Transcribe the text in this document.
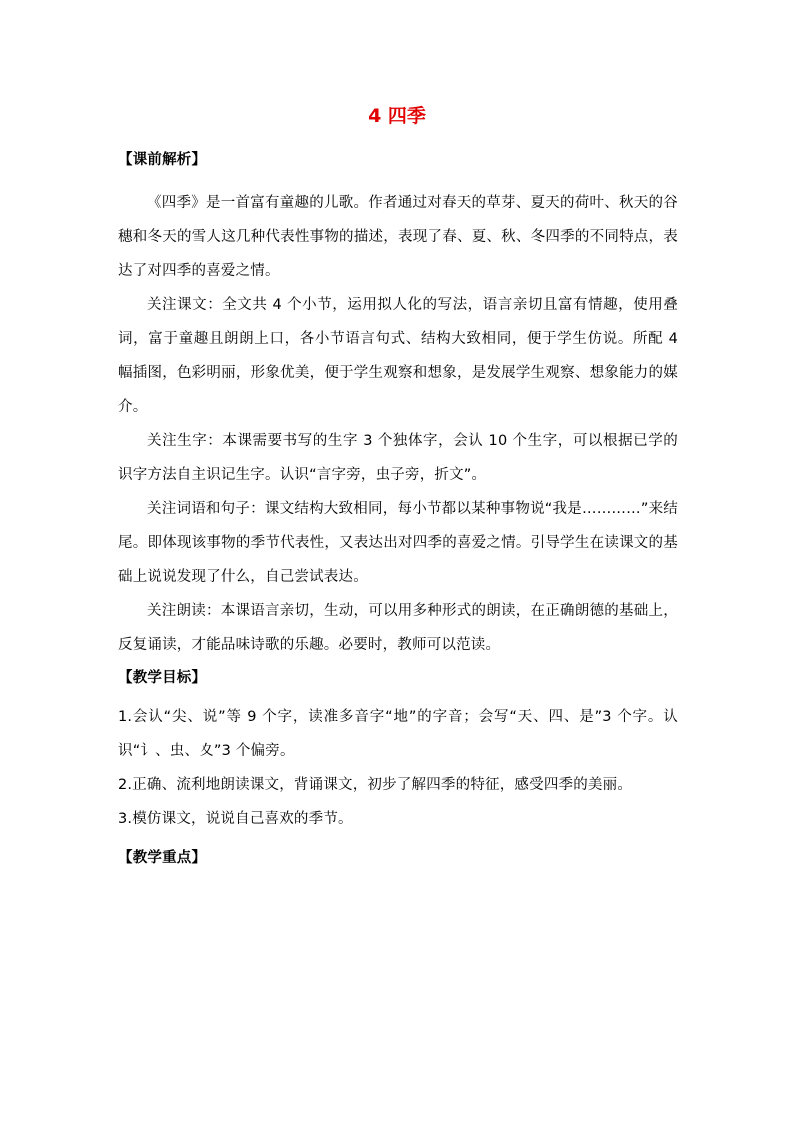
4 四季
【课前解析】
《四季》是一首富有童趣的儿歌。作者通过对春天的草芽、夏天的荷叶、秋天的谷穗和冬天的雪人这几种代表性事物的描述，表现了春、夏、秋、冬四季的不同特点，表达了对四季的喜爱之情。
关注课文：全文共 4 个小节，运用拟人化的写法，语言亲切且富有情趣，使用叠词，富于童趣且朗朗上口，各小节语言句式、结构大致相同，便于学生仿说。所配 4 幅插图，色彩明丽，形象优美，便于学生观察和想象，是发展学生观察、想象能力的媒介。
关注生字：本课需要书写的生字 3 个独体字，会认 10 个生字，可以根据已学的识字方法自主识记生字。认识“言字旁，虫子旁，折文”。
关注词语和句子：课文结构大致相同，每小节都以某种事物说“我是…………”来结尾。即体现该事物的季节代表性，又表达出对四季的喜爱之情。引导学生在读课文的基础上说说发现了什么，自己尝试表达。
关注朗读：本课语言亲切，生动，可以用多种形式的朗读，在正确朗德的基础上，反复诵读，才能品味诗歌的乐趣。必要时，教师可以范读。
【教学目标】
1.会认“尖、说”等 9 个字，读准多音字“地”的字音；会写“天、四、是”3 个字。认识“讠、虫、夊”3 个偏旁。
2.正确、流利地朗读课文，背诵课文，初步了解四季的特征，感受四季的美丽。
3.模仿课文，说说自己喜欢的季节。
【教学重点】
